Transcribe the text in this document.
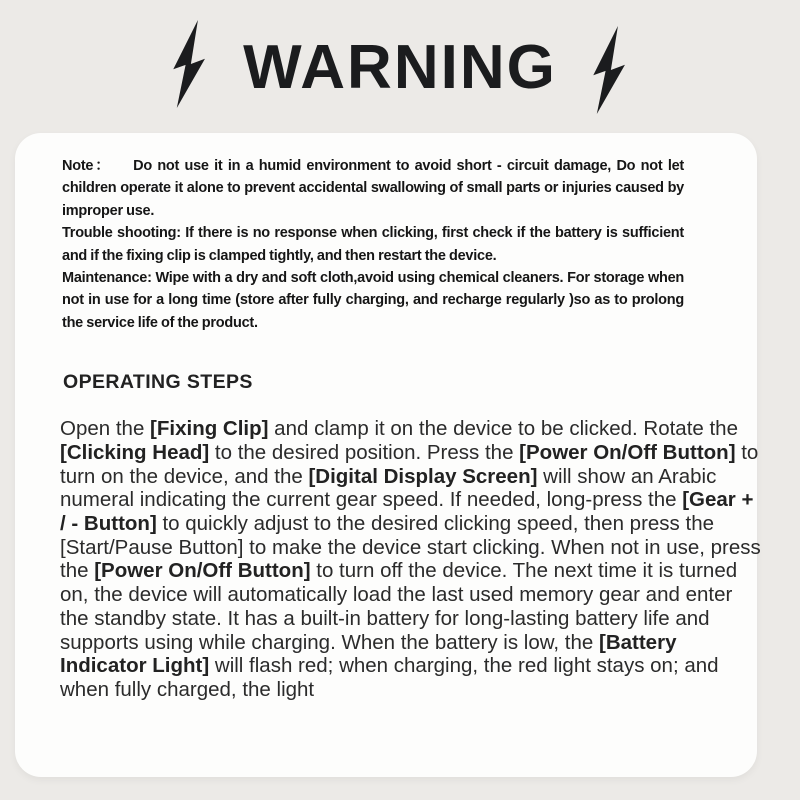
WARNING

Note：    Do not use it in a humid environment to avoid short - circuit damage, Do not let children operate it alone to prevent accidental swallowing of small parts or injuries caused by improper use.

Trouble shooting: If there is no response when clicking, first check if the battery is sufficient and if the fixing clip is clamped tightly, and then restart the device.

Maintenance: Wipe with a dry and soft cloth,avoid using chemical cleaners. For storage when not in use for a long time (store after fully charging, and recharge regularly )so as to prolong the service life of the product.

OPERATING STEPS

Open the [Fixing Clip] and clamp it on the device to be clicked. Rotate the [Clicking Head] to the desired position. Press the [Power On/Off Button] to turn on the device, and the [Digital Display Screen] will show an Arabic numeral indicating the current gear speed. If needed, long-press the [Gear + / - Button] to quickly adjust to the desired clicking speed, then press the [Start/Pause Button] to make the device start clicking. When not in use, press the [Power On/Off Button] to turn off the device. The next time it is turned on, the device will automatically load the last used memory gear and enter the standby state. It has a built-in battery for long-lasting battery life and supports using while charging. When the battery is low, the [Battery Indicator Light] will flash red; when charging, the red light stays on; and when fully charged, the light
